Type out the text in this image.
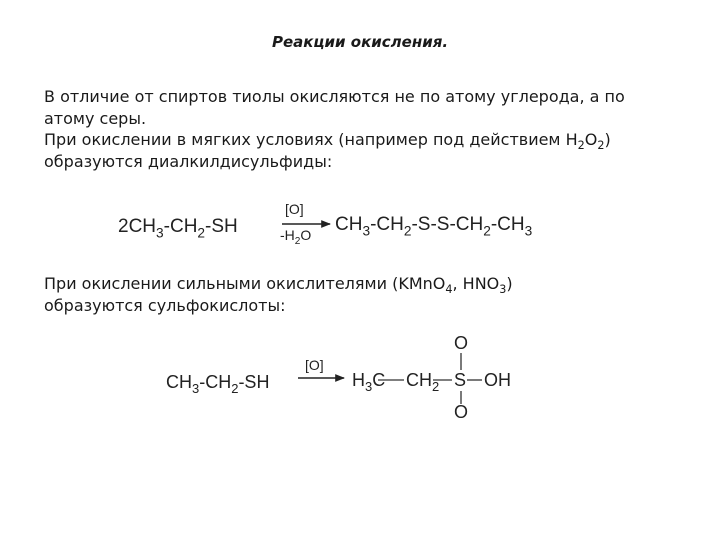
Реакции окисления.

В отличие от спиртов тиолы окисляются не по атому углерода, а по

атому серы.

При окислении в мягких условиях (например под действием $Н_2О_2$)

образуются диалкилдисульфиды:

$2CH_3-CH_2-SH$
[O]
$-H_2O$ $CH_3-CH_2-S-S-CH_2-CH_3$

При окислении сильными окислителями (KMnO$_4$, $HNO_3$)

образуются сульфокислоты:

$CH_3-CH_2-SH$
[O]
$H_3C$ $CH_2$ S OH
O
O
